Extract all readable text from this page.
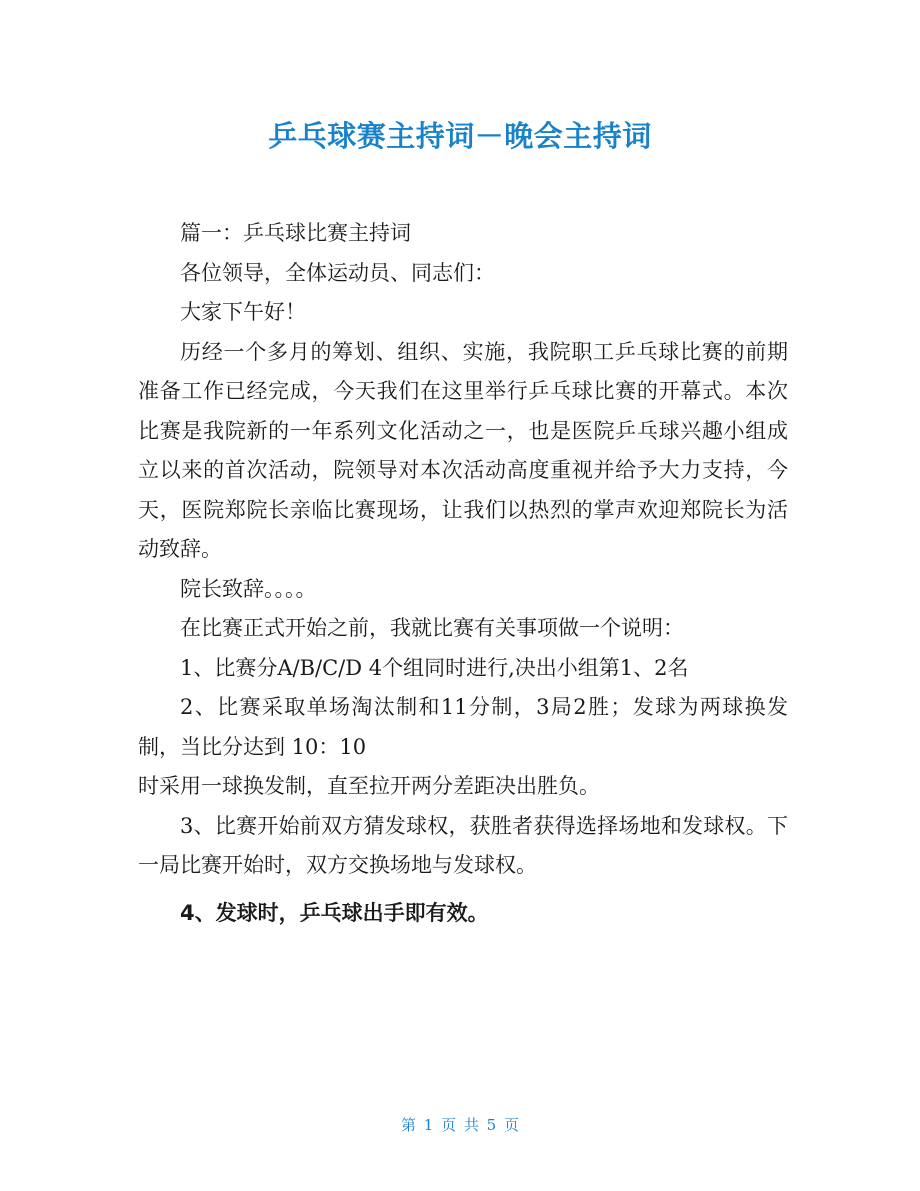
乒乓球赛主持词－晚会主持词

篇一：乒乓球比赛主持词

各位领导，全体运动员、同志们：

大家下午好！

历经一个多月的筹划、组织、实施，我院职工乒乓球比赛的前期准备工作已经完成，今天我们在这里举行乒乓球比赛的开幕式。本次比赛是我院新的一年系列文化活动之一，也是医院乒乓球兴趣小组成立以来的首次活动，院领导对本次活动高度重视并给予大力支持，今天，医院郑院长亲临比赛现场，让我们以热烈的掌声欢迎郑院长为活动致辞。

院长致辞。。。。

在比赛正式开始之前，我就比赛有关事项做一个说明：

1、比赛分A/B/C/D 4个组同时进行,决出小组第1、2名

2、比赛采取单场淘汰制和11分制，3局2胜；发球为两球换发制，当比分达到 10：10

时采用一球换发制，直至拉开两分差距决出胜负。

3、比赛开始前双方猜发球权，获胜者获得选择场地和发球权。下一局比赛开始时，双方交换场地与发球权。

4、发球时，乒乓球出手即有效。

第 1 页 共 5 页
